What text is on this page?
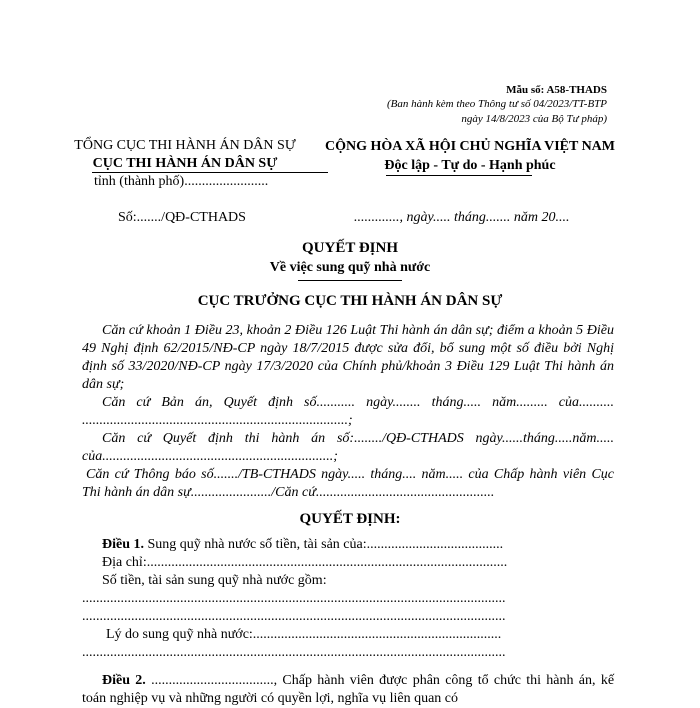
Mẫu số: A58-THADS
(Ban hành kèm theo Thông tư số 04/2023/TT-BTP
ngày 14/8/2023 của Bộ Tư pháp)
TỔNG CỤC THI HÀNH ÁN DÂN SỰ
CỤC THI HÀNH ÁN DÂN SỰ
tỉnh (thành phố)........................
CỘNG HÒA XÃ HỘI CHỦ NGHĨA VIỆT NAM
Độc lập - Tự do - Hạnh phúc
Số:......./QĐ-CTHADS	............., ngày..... tháng....... năm 20....
QUYẾT ĐỊNH
Về việc sung quỹ nhà nước
CỤC TRƯỞNG CỤC THI HÀNH ÁN DÂN SỰ

Căn cứ khoản 1 Điều 23, khoản 2 Điều 126 Luật Thi hành án dân sự; điểm a khoản 5 Điều 49 Nghị định 62/2015/NĐ-CP ngày 18/7/2015 được sửa đổi, bổ sung một số điều bởi Nghị định số 33/2020/NĐ-CP ngày 17/3/2020 của Chính phủ/khoản 3 Điều 129 Luật Thi hành án dân sự;

Căn cứ Bản án, Quyết định số........... ngày........ tháng..... năm......... của.......... ............................................................................;

Căn cứ Quyết định thi hành án số:......../QĐ-CTHADS ngày......tháng.....năm..... của..................................................................;

Căn cứ Thông báo số......./TB-CTHADS ngày..... tháng.... năm..... của Chấp hành viên Cục Thi hành án dân sự......................./Căn cứ...................................................

QUYẾT ĐỊNH:

Điều 1. Sung quỹ nhà nước số tiền, tài sản của:.......................................

Địa chỉ:.......................................................................................................

Số tiền, tài sản sung quỹ nhà nước gồm:

.........................................................................................................................

.........................................................................................................................

Lý do sung quỹ nhà nước:.......................................................................

.........................................................................................................................

Điều 2. ..................................., Chấp hành viên được phân công tổ chức thi hành án, kế toán nghiệp vụ và những người có quyền lợi, nghĩa vụ liên quan có
